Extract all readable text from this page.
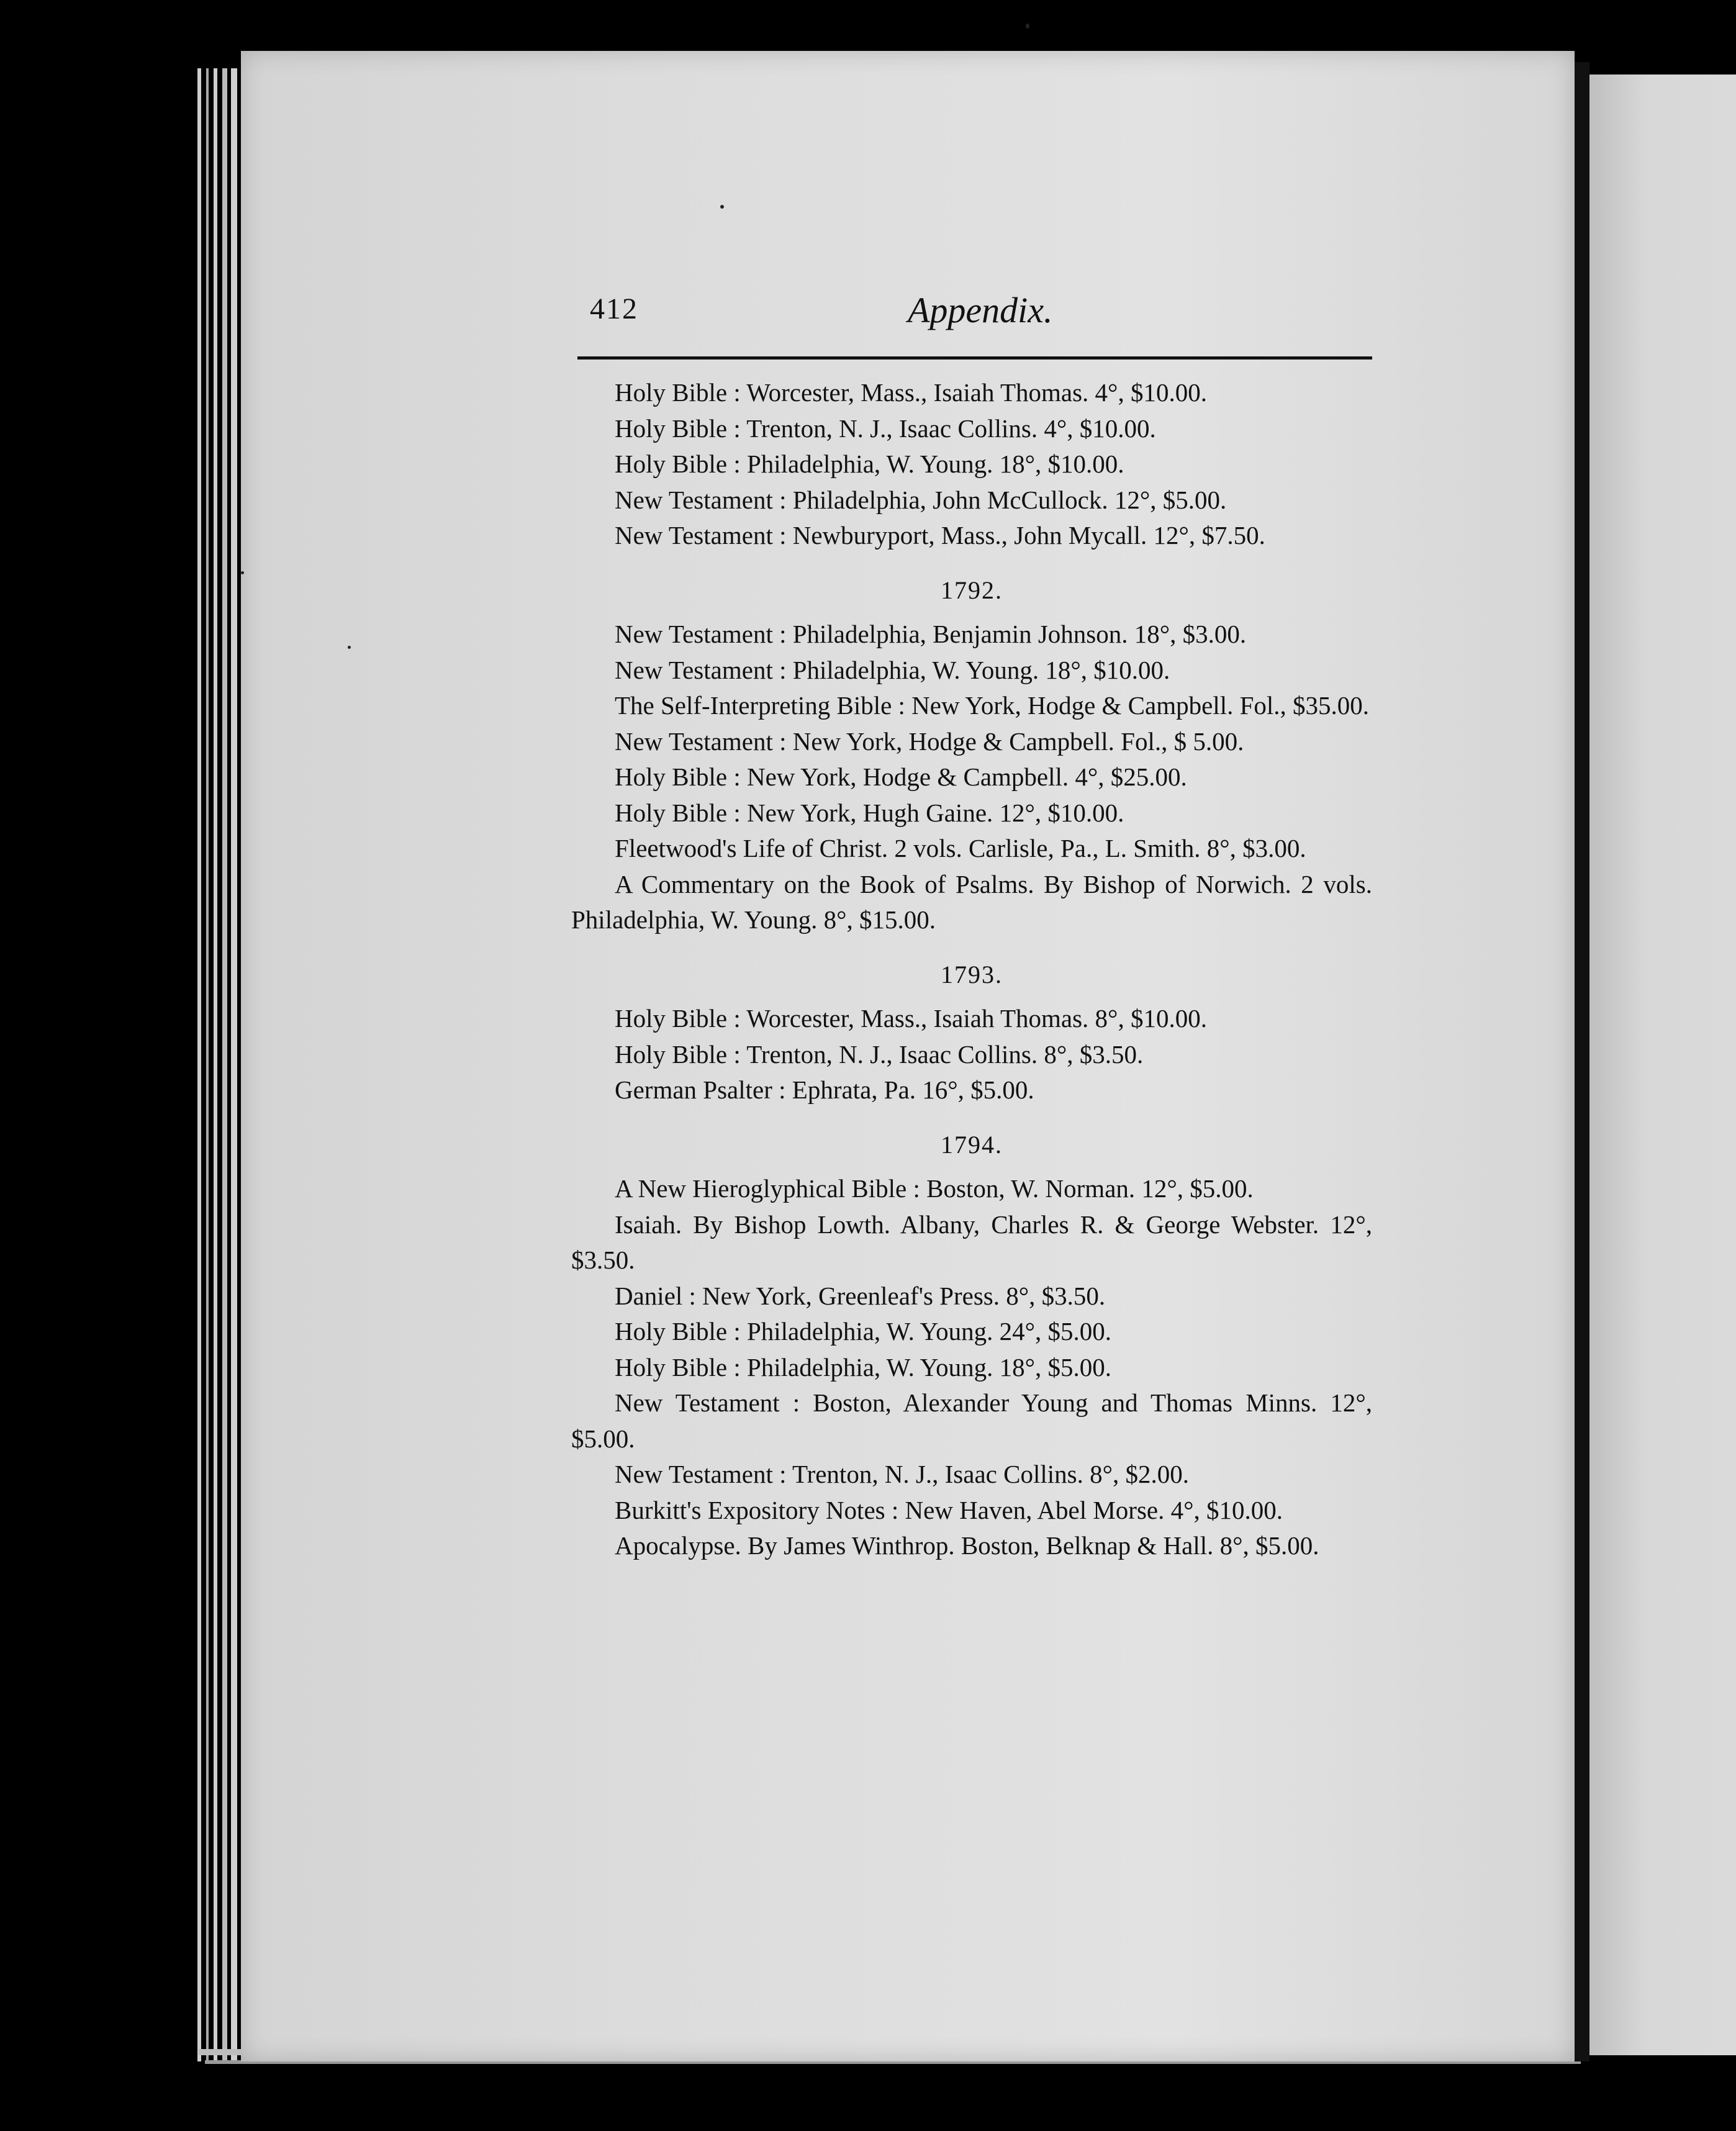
412	Appendix.

Holy Bible : Worcester, Mass., Isaiah Thomas. 4°, $10.00.

Holy Bible : Trenton, N. J., Isaac Collins. 4°, $10.00.

Holy Bible : Philadelphia, W. Young. 18°, $10.00.

New Testament : Philadelphia, John McCullock. 12°, $5.00.

New Testament : Newburyport, Mass., John Mycall. 12°, $7.50.

1792.

New Testament : Philadelphia, Benjamin Johnson. 18°, $3.00.

New Testament : Philadelphia, W. Young. 18°, $10.00.

The Self-Interpreting Bible : New York, Hodge & Campbell. Fol., $35.00.

New Testament : New York, Hodge & Campbell. Fol., $ 5.00.

Holy Bible : New York, Hodge & Campbell. 4°, $25.00.

Holy Bible : New York, Hugh Gaine. 12°, $10.00.

Fleetwood's Life of Christ. 2 vols. Carlisle, Pa., L. Smith. 8°, $3.00.

A Commentary on the Book of Psalms. By Bishop of Norwich. 2 vols. Philadelphia, W. Young. 8°, $15.00.

1793.

Holy Bible : Worcester, Mass., Isaiah Thomas. 8°, $10.00.

Holy Bible : Trenton, N. J., Isaac Collins. 8°, $3.50.

German Psalter : Ephrata, Pa. 16°, $5.00.

1794.

A New Hieroglyphical Bible : Boston, W. Norman. 12°, $5.00.

Isaiah. By Bishop Lowth. Albany, Charles R. & George Webster. 12°, $3.50.

Daniel : New York, Greenleaf's Press. 8°, $3.50.

Holy Bible : Philadelphia, W. Young. 24°, $5.00.

Holy Bible : Philadelphia, W. Young. 18°, $5.00.

New Testament : Boston, Alexander Young and Thomas Minns. 12°, $5.00.

New Testament : Trenton, N. J., Isaac Collins. 8°, $2.00.

Burkitt's Expository Notes : New Haven, Abel Morse. 4°, $10.00.

Apocalypse. By James Winthrop. Boston, Belknap & Hall. 8°, $5.00.
